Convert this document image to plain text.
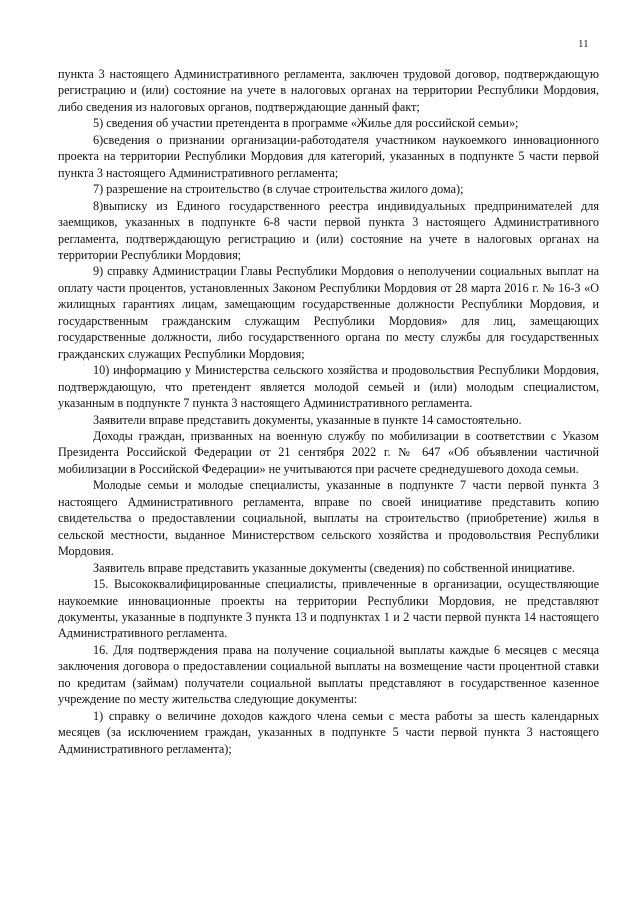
11

пункта 3 настоящего Административного регламента, заключен трудовой договор, подтверждающую регистрацию и (или) состояние на учете в налоговых органах на территории Республики Мордовия, либо сведения из налоговых органов, подтверждающие данный факт;

5) сведения об участии претендента в программе «Жилье для российской семьи»;

6)сведения о признании организации-работодателя участником наукоемкого инновационного проекта на территории Республики Мордовия для категорий, указанных в подпункте 5 части первой пункта 3 настоящего Административного регламента;

7) разрешение на строительство (в случае строительства жилого дома);

8)выписку из Единого государственного реестра индивидуальных предпринимателей для заемщиков, указанных в подпункте 6-8 части первой пункта 3 настоящего Административного регламента, подтверждающую регистрацию и (или) состояние на учете в налоговых органах на территории Республики Мордовия;

9) справку Администрации Главы Республики Мордовия о неполучении социальных выплат на оплату части процентов, установленных Законом Республики Мордовия от 28 марта 2016 г. № 16-З «О жилищных гарантиях лицам, замещающим государственные должности Республики Мордовия, и государственным гражданским служащим Республики Мордовия» для лиц, замещающих государственные должности, либо государственного органа по месту службы для государственных гражданских служащих Республики Мордовия;

10) информацию у Министерства сельского хозяйства и продовольствия Республики Мордовия, подтверждающую, что претендент является молодой семьей и (или) молодым специалистом, указанным в подпункте 7 пункта 3 настоящего Административного регламента.

Заявители вправе представить документы, указанные в пункте 14 самостоятельно.

Доходы граждан, призванных на военную службу по мобилизации в соответствии с Указом Президента Российской Федерации от 21 сентября 2022 г. № 647 «Об объявлении частичной мобилизации в Российской Федерации» не учитываются при расчете среднедушевого дохода семьи.

Молодые семьи и молодые специалисты, указанные в подпункте 7 части первой пункта 3 настоящего Административного регламента, вправе по своей инициативе представить копию свидетельства о предоставлении социальной, выплаты на строительство (приобретение) жилья в сельской местности, выданное Министерством сельского хозяйства и продовольствия Республики Мордовия.

Заявитель вправе представить указанные документы (сведения) по собственной инициативе.

15. Высококвалифицированные специалисты, привлеченные в организации, осуществляющие наукоемкие инновационные проекты на территории Республики Мордовия, не представляют документы, указанные в подпункте 3 пункта 13 и подпунктах 1 и 2 части первой пункта 14 настоящего Административного регламента.

16. Для подтверждения права на получение социальной выплаты каждые 6 месяцев с месяца заключения договора о предоставлении социальной выплаты на возмещение части процентной ставки по кредитам (займам) получатели социальной выплаты представляют в государственное казенное учреждение по месту жительства следующие документы:

1) справку о величине доходов каждого члена семьи с места работы за шесть календарных месяцев (за исключением граждан, указанных в подпункте 5 части первой пункта 3 настоящего Административного регламента);
